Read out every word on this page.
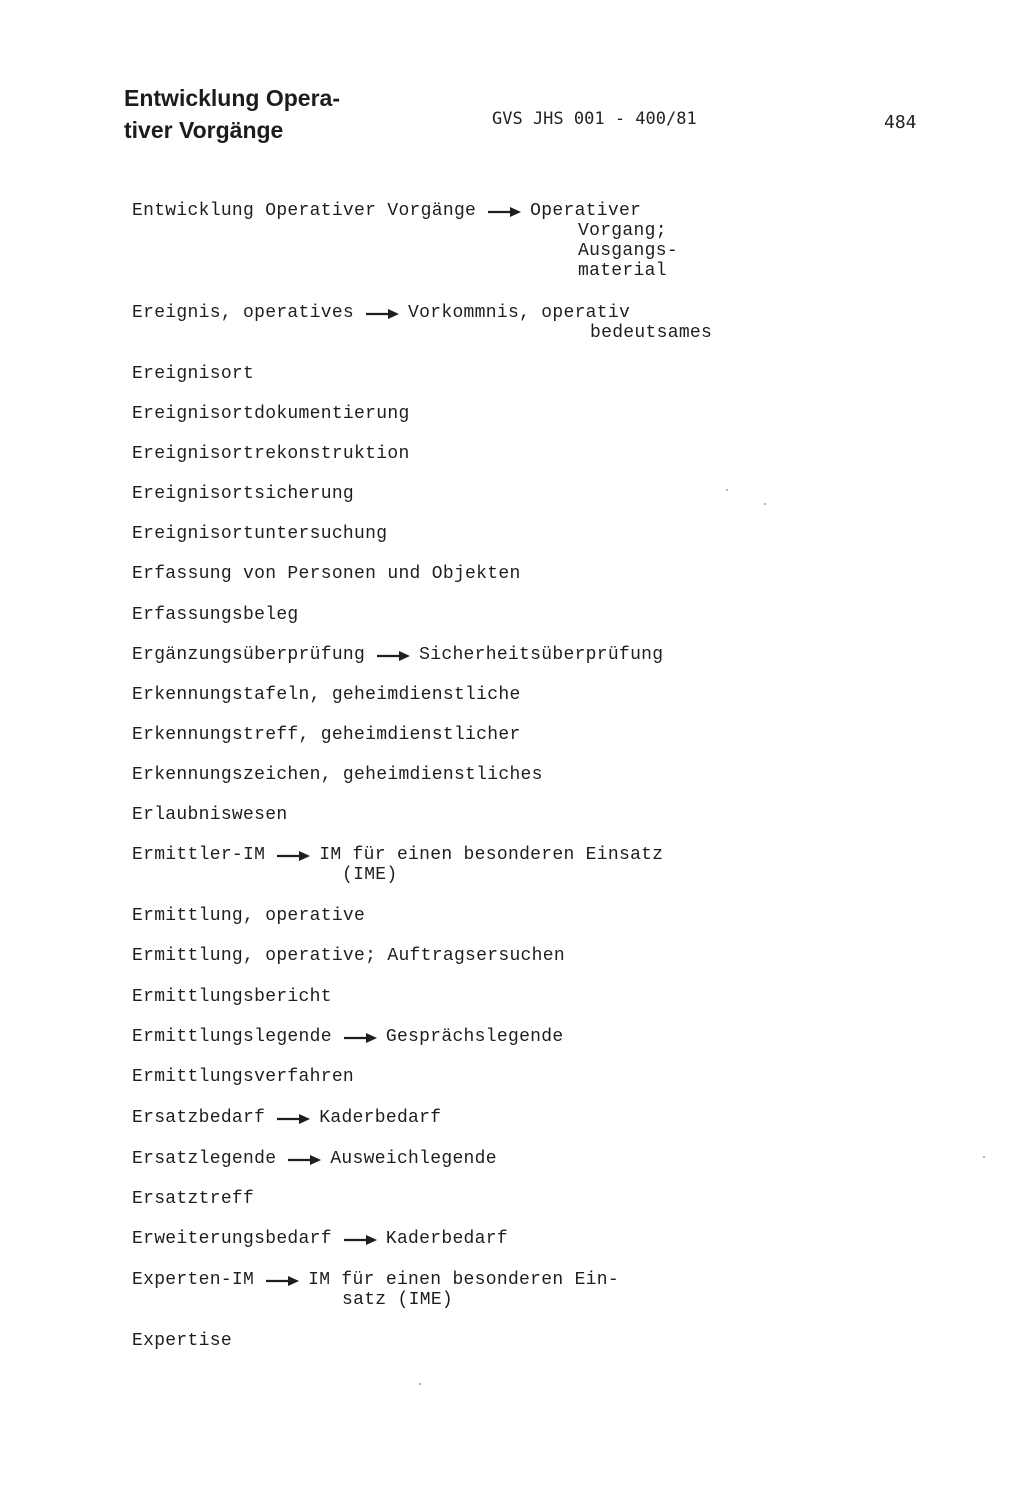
Entwicklung Opera-
tiver Vorgänge	GVS JHS 001 - 400/81	484
Entwicklung Operativer Vorgänge	Operativer
Vorgang;
Ausgangs-
material
Ereignis, operatives	Vorkommnis, operativ
bedeutsames
Ereignisort
Ereignisortdokumentierung
Ereignisortrekonstruktion
Ereignisortsicherung
Ereignisortuntersuchung
Erfassung von Personen und Objekten
Erfassungsbeleg
Ergänzungsüberprüfung	Sicherheitsüberprüfung
Erkennungstafeln, geheimdienstliche
Erkennungstreff, geheimdienstlicher
Erkennungszeichen, geheimdienstliches
Erlaubniswesen
Ermittler-IM	IM für einen besonderen Einsatz
(IME)
Ermittlung, operative
Ermittlung, operative; Auftragsersuchen
Ermittlungsbericht
Ermittlungslegende	Gesprächslegende
Ermittlungsverfahren
Ersatzbedarf	Kaderbedarf
Ersatzlegende	Ausweichlegende
Ersatztreff
Erweiterungsbedarf	Kaderbedarf
Experten-IM	IM für einen besonderen Ein-
satz (IME)
Expertise
